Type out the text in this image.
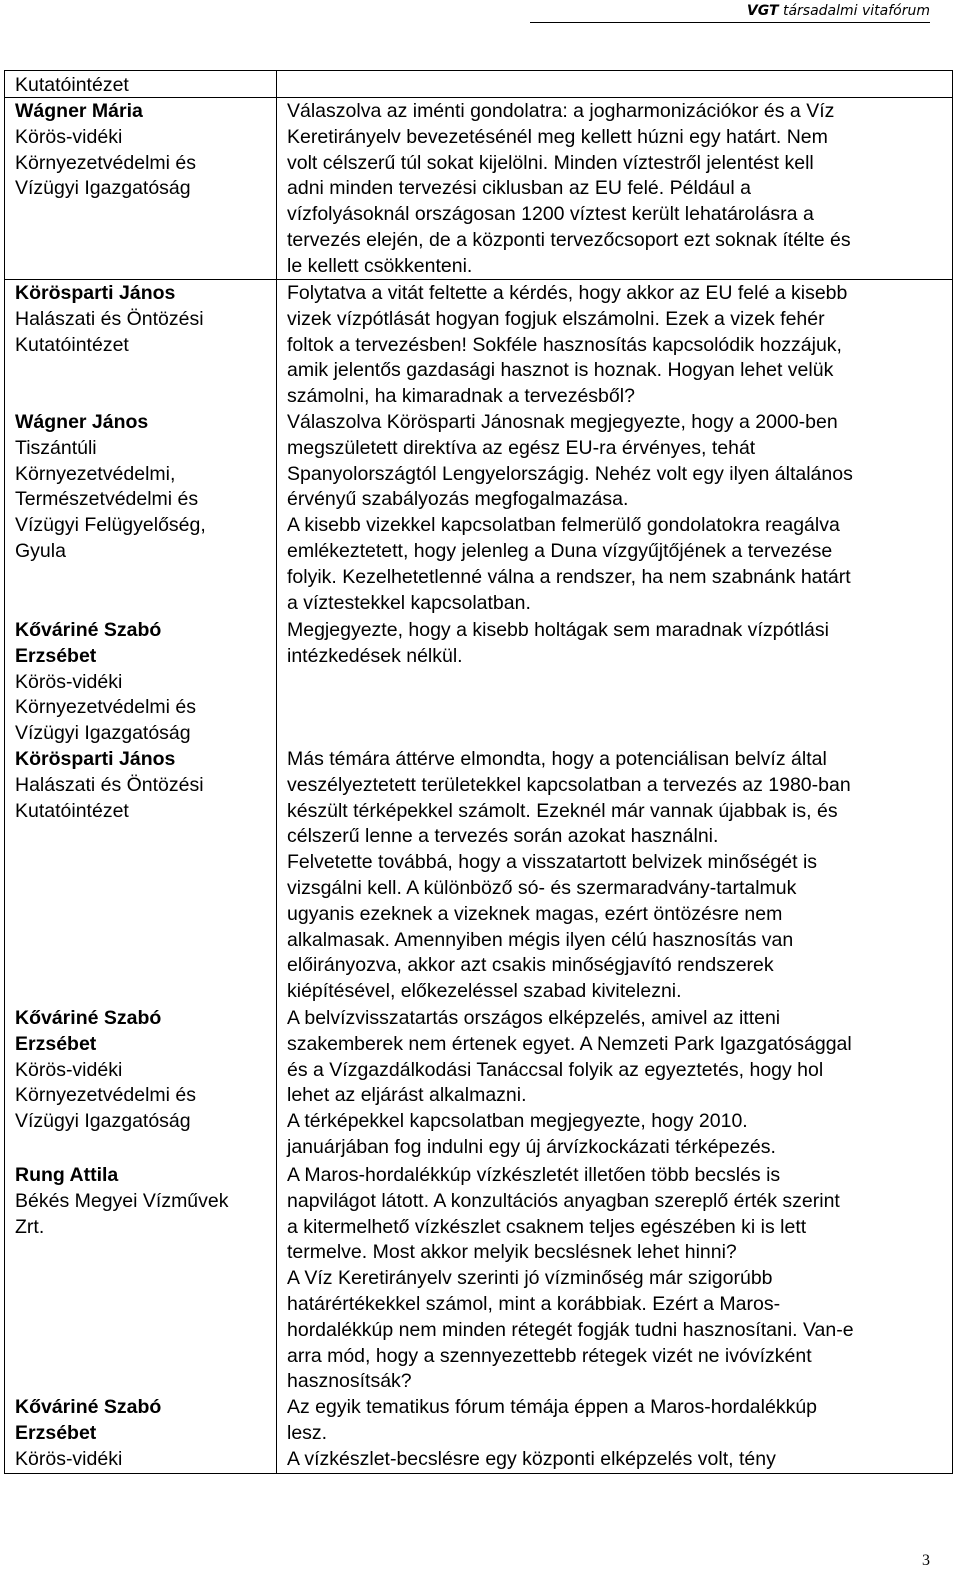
VGT társadalmi vitafórum
Kutatóintézet
Wágner Mária
Körös-vidéki
Környezetvédelmi és
Vízügyi Igazgatóság
Körösparti János
Halászati és Öntözési
Kutatóintézet
Wágner János
Tiszántúli
Környezetvédelmi,
Természetvédelmi és
Vízügyi Felügyelőség,
Gyula
Kőváriné Szabó Erzsébet
Körös-vidéki
Környezetvédelmi és
Vízügyi Igazgatóság
Körösparti János
Halászati és Öntözési
Kutatóintézet
Kőváriné Szabó Erzsébet
Körös-vidéki
Környezetvédelmi és
Vízügyi Igazgatóság
Rung Attila
Békés Megyei Vízművek
Zrt.
Kőváriné Szabó Erzsébet
Körös-vidéki
Válaszolva az iménti gondolatra: a jogharmonizációkor és a Víz
Keretirányelv bevezetésénél meg kellett húzni egy határt. Nem
volt célszerű túl sokat kijelölni. Minden víztestről jelentést kell
adni minden tervezési ciklusban az EU felé. Például a
vízfolyásoknál országosan 1200 víztest került lehatárolásra a
tervezés elején, de a központi tervezőcsoport ezt soknak ítélte és
le kellett csökkenteni.
Folytatva a vitát feltette a kérdés, hogy akkor az EU felé a kisebb
vizek vízpótlását hogyan fogjuk elszámolni. Ezek a vizek fehér
foltok a tervezésben! Sokféle hasznosítás kapcsolódik hozzájuk,
amik jelentős gazdasági hasznot is hoznak. Hogyan lehet velük
számolni, ha kimaradnak a tervezésből?
Válaszolva Körösparti Jánosnak megjegyezte, hogy a 2000-ben
megszületett direktíva az egész EU-ra érvényes, tehát
Spanyolországtól Lengyelországig. Nehéz volt egy ilyen általános
érvényű szabályozás megfogalmazása.
A kisebb vizekkel kapcsolatban felmerülő gondolatokra reagálva
emlékeztetett, hogy jelenleg a Duna vízgyűjtőjének a tervezése
folyik. Kezelhetetlenné válna a rendszer, ha nem szabnánk határt
a víztestekkel kapcsolatban.
Megjegyezte, hogy a kisebb holtágak sem maradnak vízpótlási
intézkedések nélkül.
Más témára áttérve elmondta, hogy a potenciálisan belvíz által
veszélyeztetett területekkel kapcsolatban a tervezés az 1980-ban
készült térképekkel számolt. Ezeknél már vannak újabbak is, és
célszerű lenne a tervezés során azokat használni.
Felvetette továbbá, hogy a visszatartott belvizek minőségét is
vizsgálni kell. A különböző só- és szermaradvány-tartalmuk
ugyanis ezeknek a vizeknek magas, ezért öntözésre nem
alkalmasak. Amennyiben mégis ilyen célú hasznosítás van
előirányozva, akkor azt csakis minőségjavító rendszerek
kiépítésével, előkezeléssel szabad kivitelezni.
A belvízvisszatartás országos elképzelés, amivel az itteni
szakemberek nem értenek egyet. A Nemzeti Park Igazgatósággal
és a Vízgazdálkodási Tanáccsal folyik az egyeztetés, hogy hol
lehet az eljárást alkalmazni.
A térképekkel kapcsolatban megjegyezte, hogy 2010.
januárjában fog indulni egy új árvízkockázati térképezés.
A Maros-hordalékkúp vízkészletét illetően több becslés is
napvilágot látott. A konzultációs anyagban szereplő érték szerint
a kitermelhető vízkészlet csaknem teljes egészében ki is lett
termelve. Most akkor melyik becslésnek lehet hinni?
A Víz Keretirányelv szerinti jó vízminőség már szigorúbb
határértékekkel számol, mint a korábbiak. Ezért a Maros-
hordalékkúp nem minden rétegét fogják tudni hasznosítani. Van-e
arra mód, hogy a szennyezettebb rétegek vizét ne ivóvízként
hasznosítsák?
Az egyik tematikus fórum témája éppen a Maros-hordalékkúp
lesz.
A vízkészlet-becslésre egy központi elképzelés volt, tény
3
